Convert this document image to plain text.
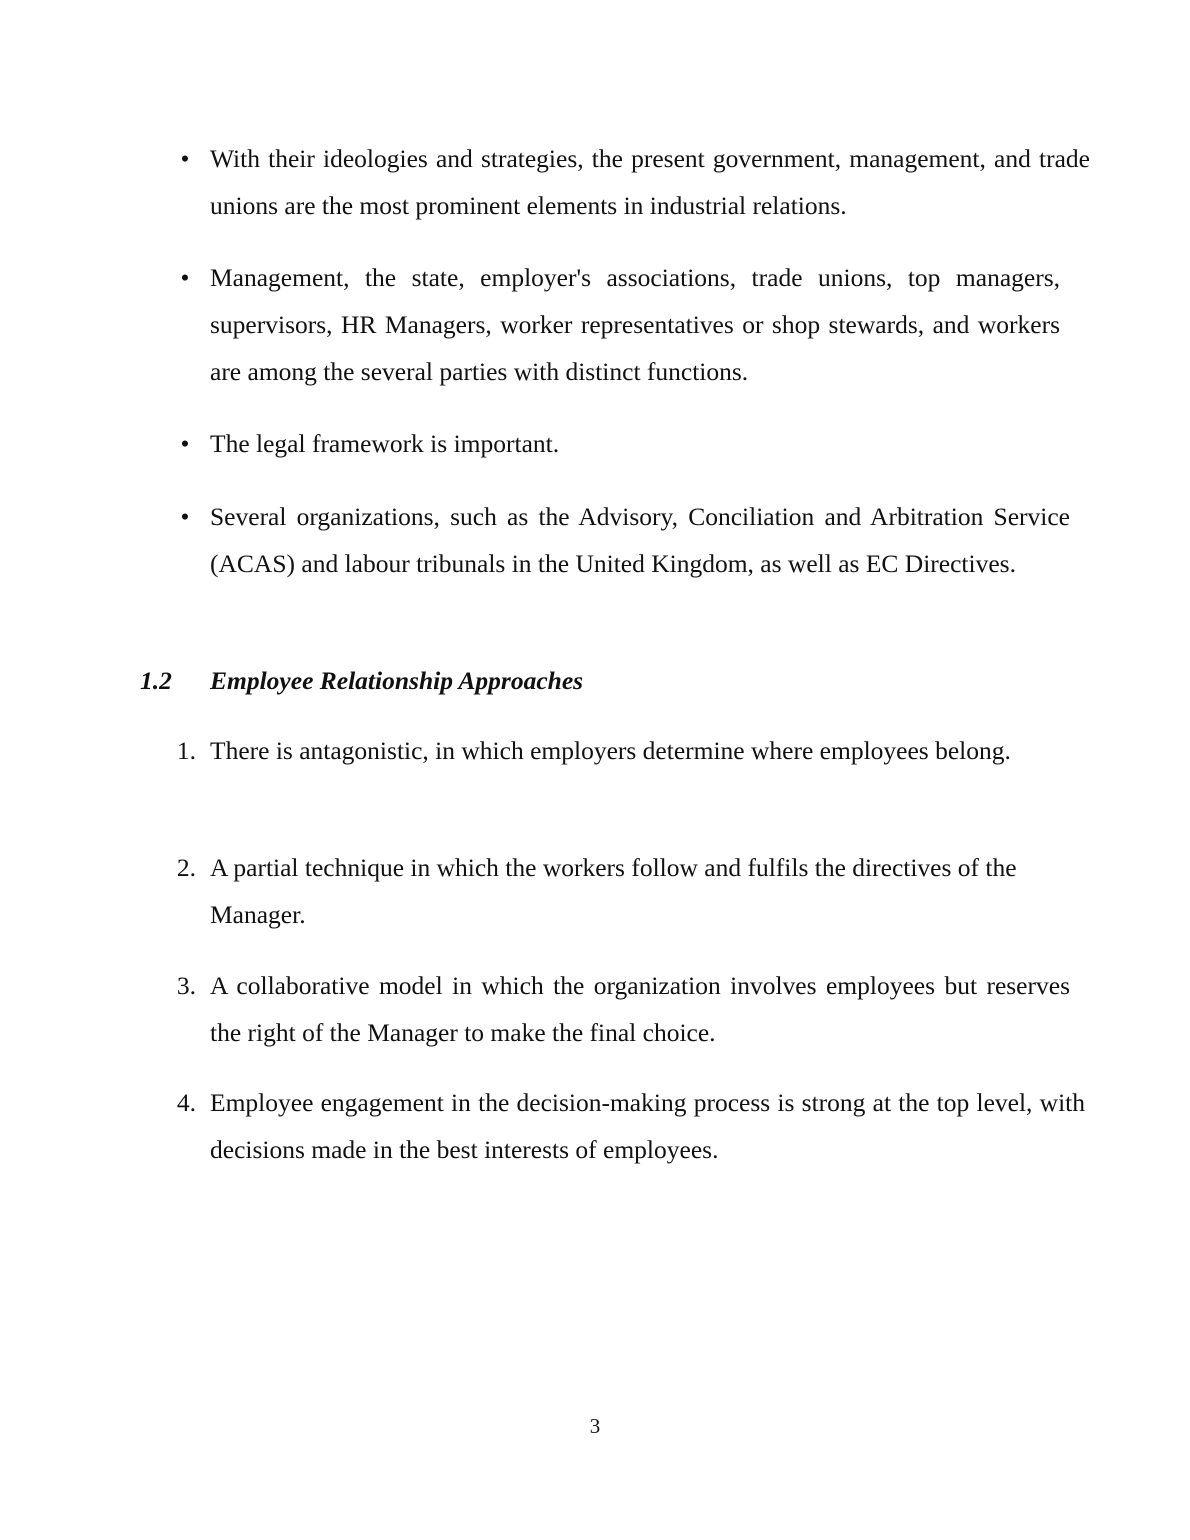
• With their ideologies and strategies, the present government, management, and trade unions are the most prominent elements in industrial relations.
• Management, the state, employer's associations, trade unions, top managers, supervisors, HR Managers, worker representatives or shop stewards, and workers are among the several parties with distinct functions.
• The legal framework is important.
• Several organizations, such as the Advisory, Conciliation and Arbitration Service (ACAS) and labour tribunals in the United Kingdom, as well as EC Directives.
1.2 Employee Relationship Approaches
1. There is antagonistic, in which employers determine where employees belong.
2. A partial technique in which the workers follow and fulfils the directives of the Manager.
3. A collaborative model in which the organization involves employees but reserves the right of the Manager to make the final choice.
4. Employee engagement in the decision-making process is strong at the top level, with decisions made in the best interests of employees.
3
